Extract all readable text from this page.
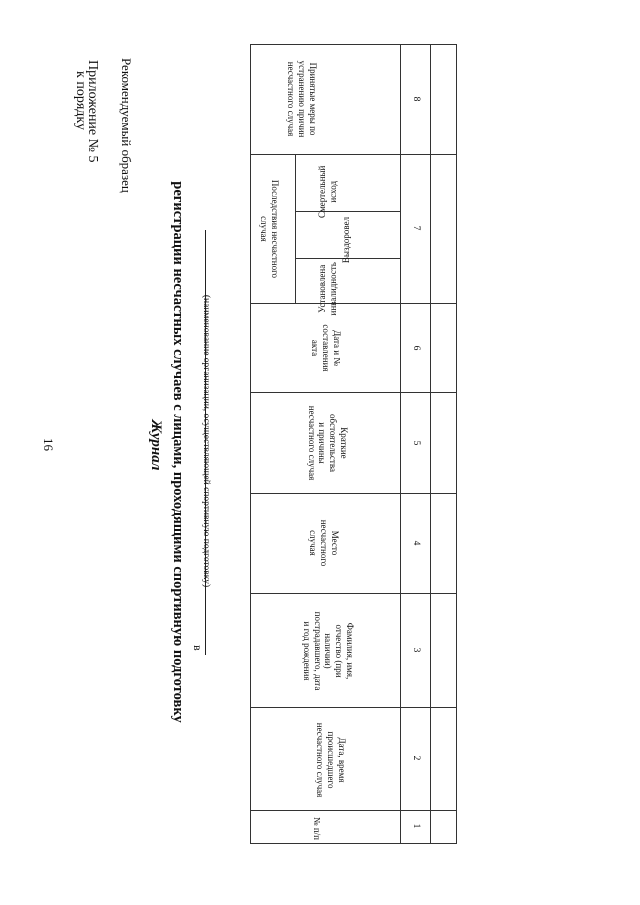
16
Приложение № 5
к порядку Рекомендуемый образец
Журнал регистрации несчастных случаев с лицами, проходящими спортивную подготовку в
(наименование организации, осуществляющей спортивную подготовку)
№ п/п
Дата, время
происшедшего
несчастного случая
Фамилия, имя,
отчество (при
наличии)
пострадавшего, дата
и год рождения
Место
несчастного
случая
Краткие
обстоятельства
и причины
несчастного случая
Дата и №
составления
акта
Последствия несчастного
случая	Выздоровел
Установлена инвалидность
Смертельный исход
Принятые меры по
устранению причин
несчастного случая
1
2
3
4
5
6
7
8
